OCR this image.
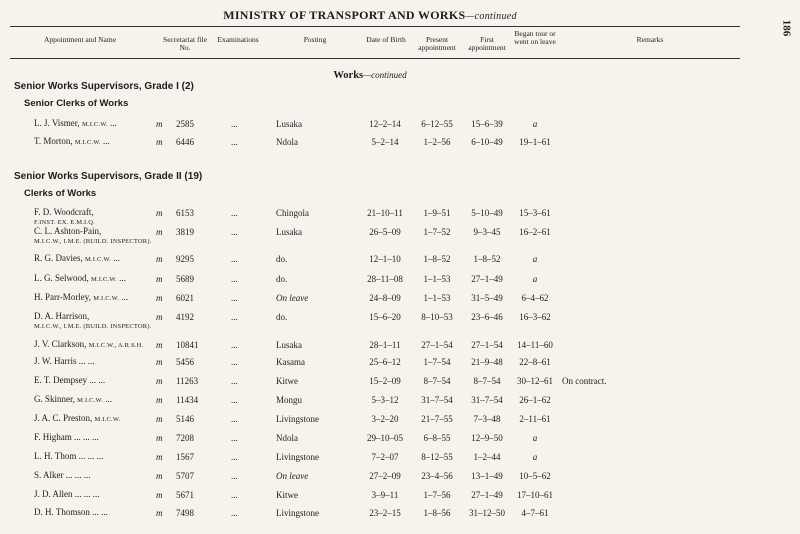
MINISTRY OF TRANSPORT AND WORKS—continued
186
Appointment and Name	Secretariat file No.
Examinations	Posting	Date of Birth	Present appointment
First appointment
Began tour or went on leave	Remarks
Works—continued
Senior Works Supervisors, Grade I (2)
Senior Clerks of Works
Senior Works Supervisors, Grade II (19)
Clerks of Works
L. J. Vismer, M.I.C.W. ...	m 2585	...	Lusaka	12–2–14	6–12–55	15–6–39	a
T. Morton, M.I.C.W. ...	m 6446	...	Ndola	5–2–14	1–2–56	6–10–49	19–1–61
F. D. Woodcraft, F.INST. EX. E.M.I.Q.
m 6153	...	Chingola	21–10–11	1–9–51	5–10–49	15–3–61
C. L. Ashton-Pain, M.I.C.W., I.M.E. (BUILD. INSPECTOR).
m 3819	...	Lusaka	26–5–09	1–7–52	9–3–45	16–2–61
R. G. Davies, M.I.C.W. ...	m 9295	...	do.	12–1–10	1–8–52	1–8–52	a
L. G. Selwood, M.I.C.W. ...	m 5689	...	do.	28–11–08	1–1–53	27–1–49	a
H. Parr-Morley, M.I.C.W. ...	m 6021	...	On leave	24–8–09	1–1–53	31–5–49	6–4–62
D. A. Harrison, M.I.C.W., I.M.E. (BUILD. INSPECTOR).
m 4192	...	do.	15–6–20	8–10–53	23–6–46	16–3–62
J. V. Clarkson, M.I.C.W., A.R.S.H.	m 10841	...	Lusaka	28–1–11	27–1–54	27–1–54	14–11–60
J. W. Harris ... ...	m 5456	...	Kasama	25–6–12	1–7–54	21–9–48	22–8–61
E. T. Dempsey ... ...	m 11263	...	Kitwe	15–2–09	8–7–54	8–7–54	30–12–61	On contract.
G. Skinner, M.I.C.W. ...	m 11434	...	Mongu	5–3–12	31–7–54	31–7–54	26–1–62
J. A. C. Preston, M.I.C.W.	m 5146	...	Livingstone	3–2–20	21–7–55	7–3–48	2–11–61
F. Higham ... ... ...	m 7208	...	Ndola	29–10–05	6–8–55	12–9–50	a
L. H. Thom ... ... ...	m 1567	...	Livingstone	7–2–07	8–12–55	1–2–44	a
S. Alker ... ... ...	m 5707	...	On leave	27–2–09	23–4–56	13–1–49	10–5–62
J. D. Allen ... ... ...	m 5671	...	Kitwe	3–9–11	1–7–56	27–1–49	17–10–61
D. H. Thomson ... ...	m 7498	...	Livingstone	23–2–15	1–8–56	31–12–50	4–7–61
